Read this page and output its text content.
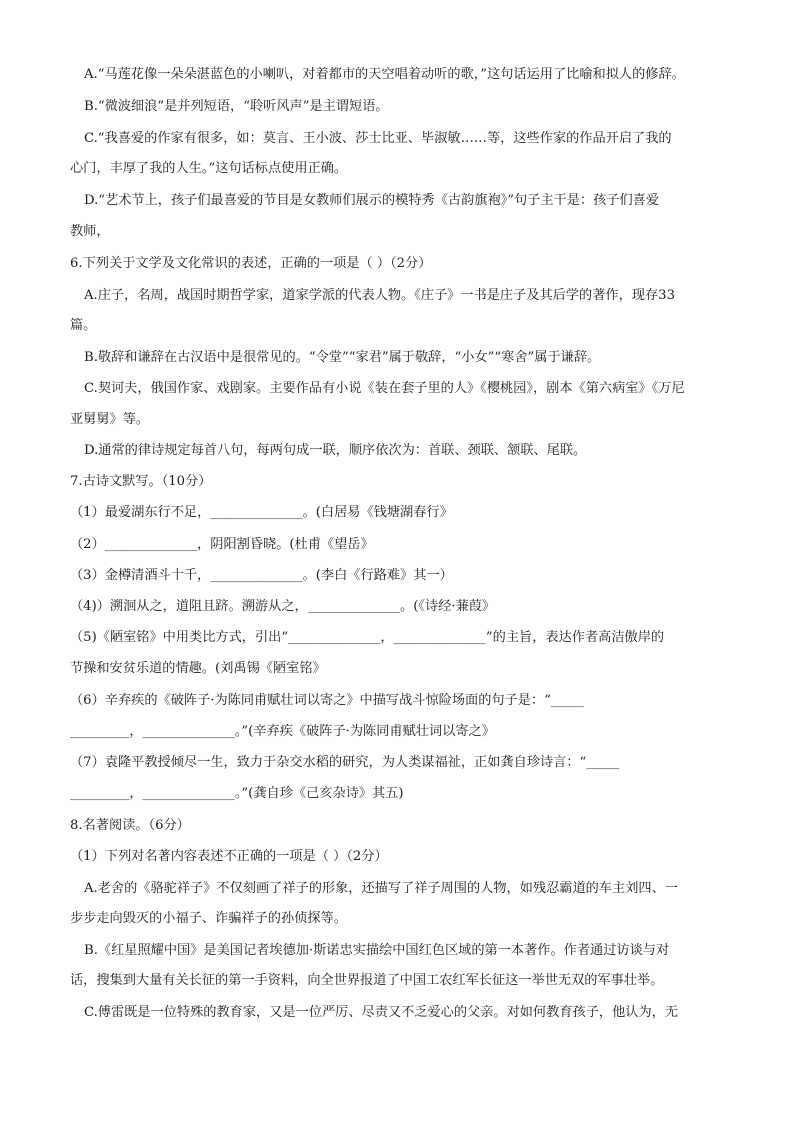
A.“马莲花像一朵朵湛蓝色的小喇叭，对着都市的天空唱着动听的歌，”这句话运用了比喻和拟人的修辞。
B.“微波细浪”是并列短语，“聆听风声”是主谓短语。
C.“我喜爱的作家有很多，如：莫言、王小波、莎士比亚、毕淑敏……等，这些作家的作品开启了我的
心门，丰厚了我的人生。”这句话标点使用正确。
D.“艺术节上，孩子们最喜爱的节目是女教师们展示的模特秀《古韵旗袍》”句子主干是：孩子们喜爱
教师，
6.下列关于文学及文化常识的表述，正确的一项是（ ）（2分）
A.庄子，名周，战国时期哲学家，道家学派的代表人物。《庄子》一书是庄子及其后学的著作，现存33
篇。
B.敬辞和谦辞在古汉语中是很常见的。“令堂”“家君”属于敬辞，“小女”“寒舍”属于谦辞。
C.契诃夫，俄国作家、戏剧家。主要作品有小说《装在套子里的人》《樱桃园》，剧本《第六病室》《万尼
亚舅舅》等。
D.通常的律诗规定每首八句，每两句成一联，顺序依次为：首联、颈联、颔联、尾联。
7.古诗文默写。（10分）
（1）最爱湖东行不足，______________。(白居易《钱塘湖春行》
（2）______________，阴阳割昏晓。(杜甫《望岳》
（3）金樽清酒斗十千，______________。(李白《行路难》其一）
（4)）溯洄从之，道阻且跻。溯游从之，______________。(《诗经·蒹葭》
（5)《陋室铭》中用类比方式，引出“______________，______________”的主旨，表达作者高洁傲岸的
节操和安贫乐道的情趣。(刘禹锡《陋室铭》
（6）辛弃疾的《破阵子·为陈同甫赋壮词以寄之》中描写战斗惊险场面的句子是：“_____
_________，______________。”(辛弃疾《破阵子·为陈同甫赋壮词以寄之》
（7）袁隆平教授倾尽一生，致力于杂交水稻的研究，为人类谋福祉，正如龚自珍诗言：“_____
_________，______________。”(龚自珍《己亥杂诗》其五)
8.名著阅读。（6分）
（1）下列对名著内容表述不正确的一项是（ ）（2分）
A.老舍的《骆驼祥子》不仅刻画了祥子的形象，还描写了祥子周围的人物，如残忍霸道的车主刘四、一
步步走向毁灭的小福子、诈骗祥子的孙侦探等。
B.《红星照耀中国》是美国记者埃德加·斯诺忠实描绘中国红色区域的第一本著作。作者通过访谈与对
话，搜集到大量有关长征的第一手资料，向全世界报道了中国工农红军长征这一举世无双的军事壮举。
C.傅雷既是一位特殊的教育家，又是一位严厉、尽责又不乏爱心的父亲。对如何教育孩子，他认为，无
